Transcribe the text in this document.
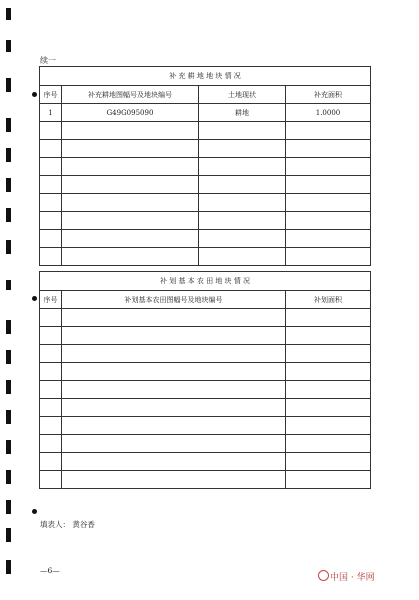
续一
补 充 耕 地 地 块 情 况			
序号	补充耕地图幅号及地块编号	土地现状	补充面积
1	G49G095090	耕地	1.0000

补 划 基 本 农 田 地 块 情 况		
序号	补划基本农田图幅号及地块编号	补划面积

填表人： 黄谷香
—6—
中国 · 华网
